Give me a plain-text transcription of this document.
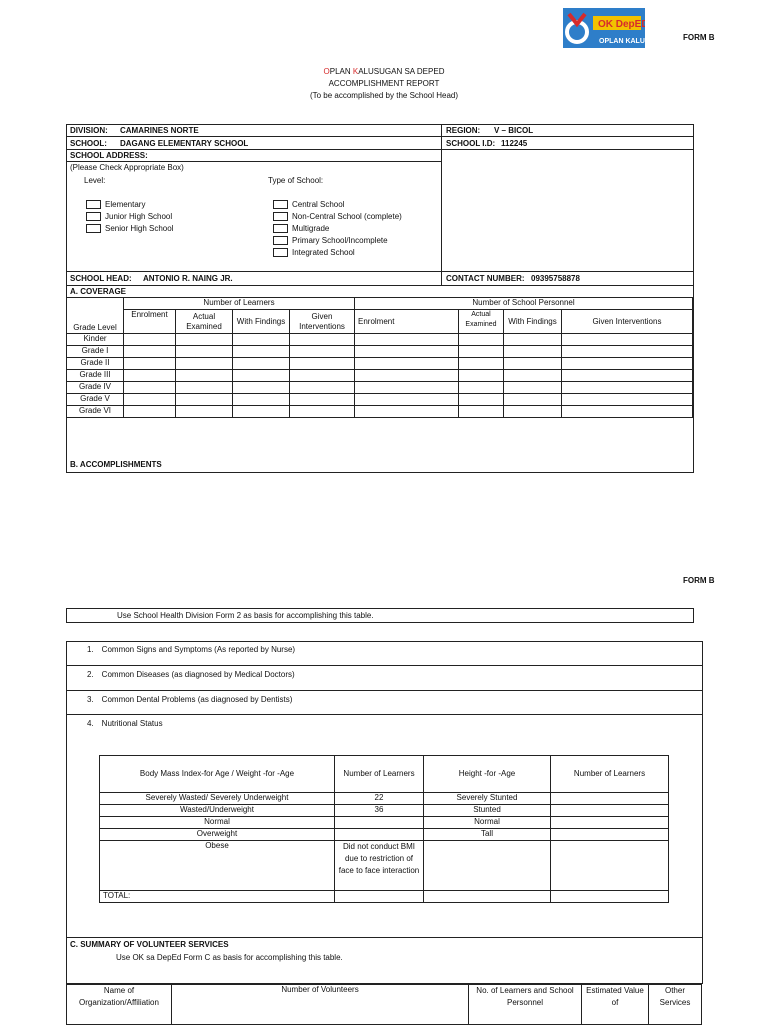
OK DepED
OPLAN KALUS	FORM B
OPLAN KALUSUGAN SA DEPED
ACCOMPLISHMENT REPORT
(To be accomplished by the School Head)
DIVISION: CAMARINES NORTE	REGION: V – BICOL
SCHOOL: DAGANG ELEMENTARY SCHOOL	SCHOOL I.D: 112245
SCHOOL ADDRESS:
(Please Check Appropriate Box)
Level:	Type of School:
Elementary
Junior High School
Senior High School
Central School
Non-Central School (complete)
Multigrade
Primary School/Incomplete
Integrated School
SCHOOL HEAD: ANTONIO R. NAING JR.	CONTACT NUMBER: 09395758878
A. COVERAGE
Grade Level	Number of Learners				Number of School Personnel			
	Enrolment	Actual Examined	With Findings	Given Interventions	Enrolment	Actual Examined	With Findings	Given Interventions
Kinder								
Grade I								
Grade II								
Grade III								
Grade IV								
Grade V								
Grade VI								
B. ACCOMPLISHMENTS
FORM B
Use School Health Division Form 2 as basis for accomplishing this table.
1. Common Signs and Symptoms (As reported by Nurse)
2. Common Diseases (as diagnosed by Medical Doctors)
3. Common Dental Problems (as diagnosed by Dentists)
4. Nutritional Status
Body Mass Index-for Age / Weight -for -Age	Number of Learners	Height -for -Age	Number of Learners
Severely Wasted/ Severely Underweight	22	Severely Stunted	
Wasted/Underweight	36	Stunted	
Normal		Normal	
Overweight		Tall	
Obese	Did not conduct BMI due to restriction of face to face interaction		
TOTAL:			
C. SUMMARY OF VOLUNTEER SERVICES
Use OK sa DepEd Form C as basis for accomplishing this table.
Name of Organization/Affiliation	Number of Volunteers	No. of Learners and School Personnel	Estimated Value of	Other Services
